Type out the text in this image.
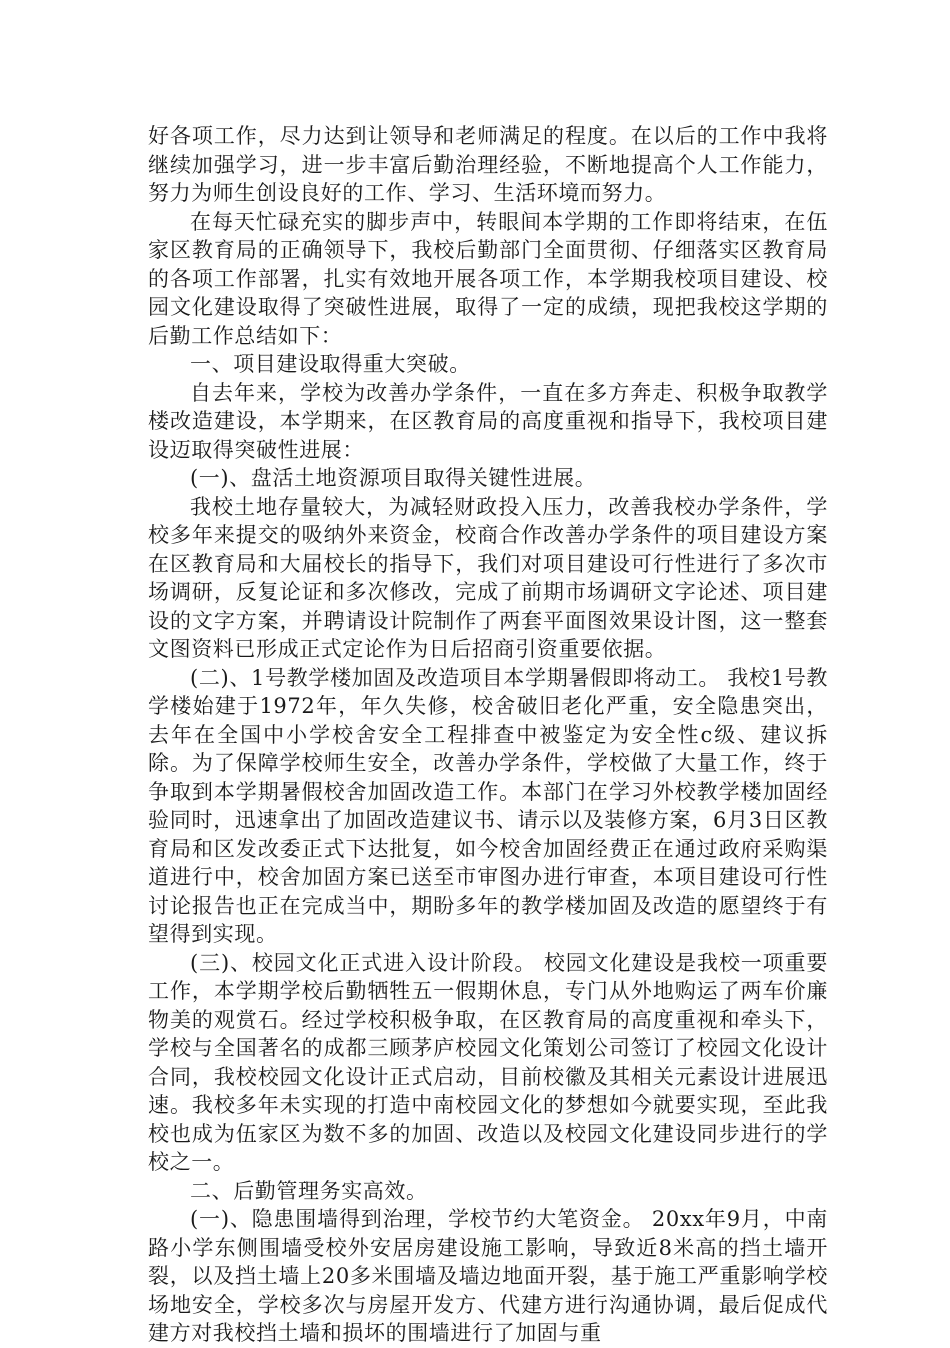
好各项工作，尽力达到让领导和老师满足的程度。在以后的工作中我将继续加强学习，进一步丰富后勤治理经验，不断地提高个人工作能力，努力为师生创设良好的工作、学习、生活环境而努力。

在每天忙碌充实的脚步声中，转眼间本学期的工作即将结束，在伍家区教育局的正确领导下，我校后勤部门全面贯彻、仔细落实区教育局的各项工作部署，扎实有效地开展各项工作，本学期我校项目建设、校园文化建设取得了突破性进展，取得了一定的成绩，现把我校这学期的后勤工作总结如下：

一、项目建设取得重大突破。

自去年来，学校为改善办学条件，一直在多方奔走、积极争取教学楼改造建设，本学期来，在区教育局的高度重视和指导下，我校项目建设迈取得突破性进展：

(一)、盘活土地资源项目取得关键性进展。

我校土地存量较大，为减轻财政投入压力，改善我校办学条件，学校多年来提交的吸纳外来资金，校商合作改善办学条件的项目建设方案在区教育局和大届校长的指导下，我们对项目建设可行性进行了多次市场调研，反复论证和多次修改，完成了前期市场调研文字论述、项目建设的文字方案，并聘请设计院制作了两套平面图效果设计图，这一整套文图资料已形成正式定论作为日后招商引资重要依据。

(二)、1号教学楼加固及改造项目本学期暑假即将动工。 我校1号教学楼始建于1972年，年久失修，校舍破旧老化严重，安全隐患突出，去年在全国中小学校舍安全工程排查中被鉴定为安全性c级、建议拆除。为了保障学校师生安全，改善办学条件，学校做了大量工作，终于争取到本学期暑假校舍加固改造工作。本部门在学习外校教学楼加固经验同时，迅速拿出了加固改造建议书、请示以及装修方案，6月3日区教育局和区发改委正式下达批复，如今校舍加固经费正在通过政府采购渠道进行中，校舍加固方案已送至市审图办进行审查，本项目建设可行性讨论报告也正在完成当中，期盼多年的教学楼加固及改造的愿望终于有望得到实现。

(三)、校园文化正式进入设计阶段。 校园文化建设是我校一项重要工作，本学期学校后勤牺牲五一假期休息，专门从外地购运了两车价廉物美的观赏石。经过学校积极争取，在区教育局的高度重视和牵头下，学校与全国著名的成都三顾茅庐校园文化策划公司签订了校园文化设计合同，我校校园文化设计正式启动，目前校徽及其相关元素设计进展迅速。我校多年未实现的打造中南校园文化的梦想如今就要实现，至此我校也成为伍家区为数不多的加固、改造以及校园文化建设同步进行的学校之一。

二、后勤管理务实高效。

(一)、隐患围墙得到治理，学校节约大笔资金。 20xx年9月，中南路小学东侧围墙受校外安居房建设施工影响，导致近8米高的挡土墙开裂，以及挡土墙上20多米围墙及墙边地面开裂，基于施工严重影响学校场地安全，学校多次与房屋开发方、代建方进行沟通协调，最后促成代建方对我校挡土墙和损坏的围墙进行了加固与重
